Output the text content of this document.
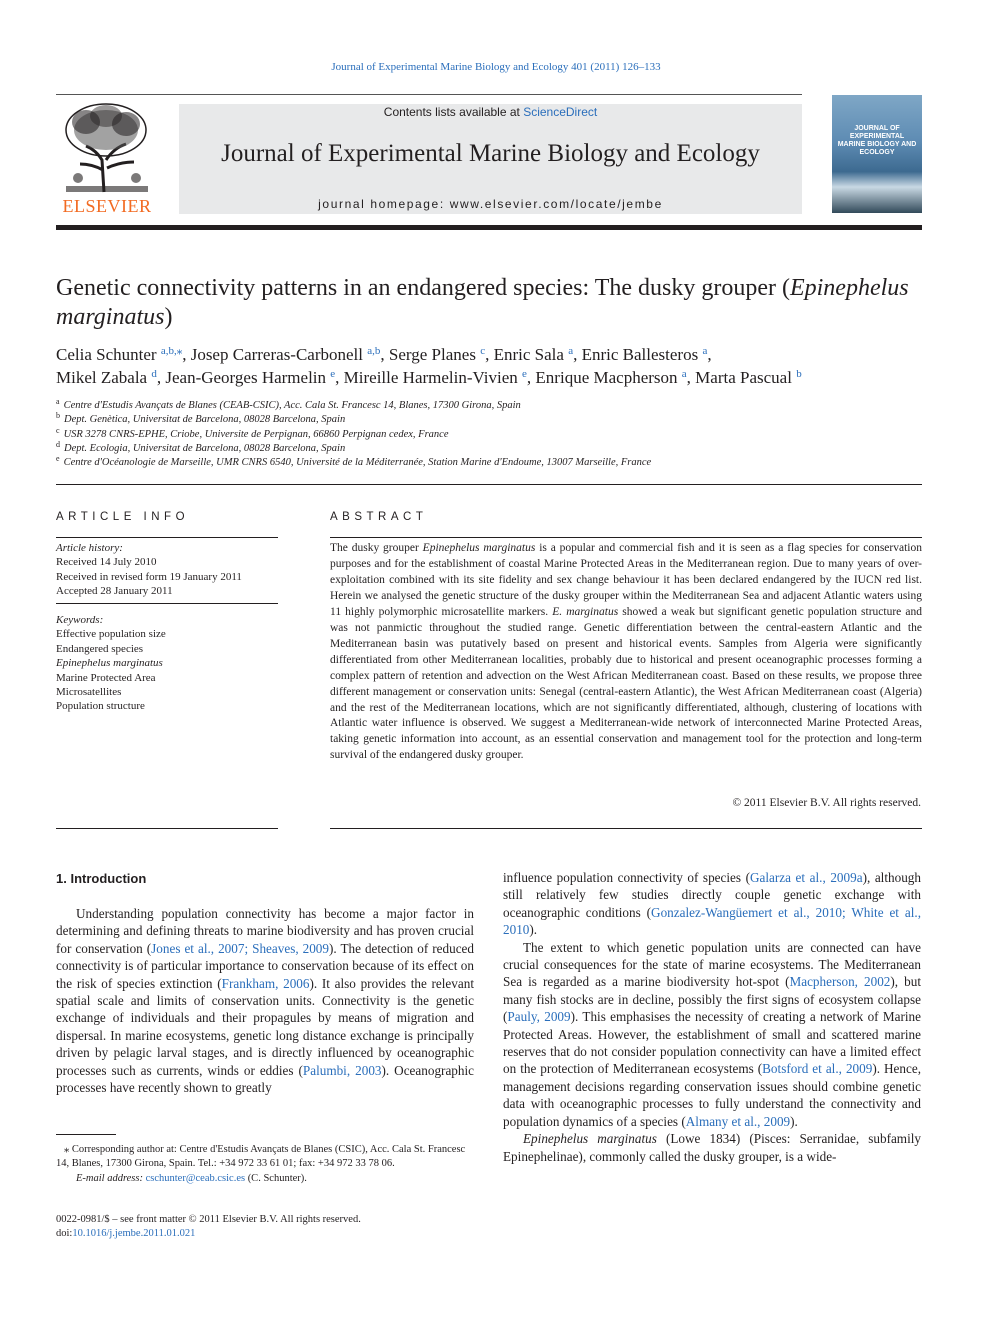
Journal of Experimental Marine Biology and Ecology 401 (2011) 126–133
ELSEVIER
Contents lists available at ScienceDirect
Journal of Experimental Marine Biology and Ecology
journal homepage: www.elsevier.com/locate/jembe
JOURNAL OF EXPERIMENTAL MARINE BIOLOGY AND ECOLOGY
Genetic connectivity patterns in an endangered species: The dusky grouper (Epinephelus marginatus)
Celia Schunter $^{a,b,⁎}$, Josep Carreras-Carbonell $^{a,b}$, Serge Planes $^c$, Enric Sala $^a$, Enric Ballesteros $^a$,
Mikel Zabala $^d$, Jean-Georges Harmelin $^e$, Mireille Harmelin-Vivien $^e$, Enrique Macpherson $^a$, Marta Pascual $^b$
$^a$ Centre d'Estudis Avançats de Blanes (CEAB-CSIC), Acc. Cala St. Francesc 14, Blanes, 17300 Girona, Spain
$^b$ Dept. Genètica, Universitat de Barcelona, 08028 Barcelona, Spain
$^c$ USR 3278 CNRS-EPHE, Criobe, Universite de Perpignan, 66860 Perpignan cedex, France
$^d$ Dept. Ecologia, Universitat de Barcelona, 08028 Barcelona, Spain
$^e$ Centre d'Océanologie de Marseille, UMR CNRS 6540, Université de la Méditerranée, Station Marine d'Endoume, 13007 Marseille, France
ARTICLE INFO
Article history:
Received 14 July 2010
Received in revised form 19 January 2011
Accepted 28 January 2011
Keywords:
Effective population size
Endangered species
Epinephelus marginatus
Marine Protected Area
Microsatellites
Population structure
ABSTRACT
The dusky grouper Epinephelus marginatus is a popular and commercial fish and it is seen as a flag species for conservation purposes and for the establishment of coastal Marine Protected Areas in the Mediterranean region. Due to many years of over-exploitation combined with its site fidelity and sex change behaviour it has been declared endangered by the IUCN red list. Herein we analysed the genetic structure of the dusky grouper within the Mediterranean Sea and adjacent Atlantic waters using 11 highly polymorphic microsatellite markers. E. marginatus showed a weak but significant genetic population structure and was not panmictic throughout the studied range. Genetic differentiation between the central-eastern Atlantic and the Mediterranean basin was putatively based on present and historical events. Samples from Algeria were significantly differentiated from other Mediterranean localities, probably due to historical and present oceanographic processes forming a complex pattern of retention and advection on the West African Mediterranean coast. Based on these results, we propose three different management or conservation units: Senegal (central-eastern Atlantic), the West African Mediterranean coast (Algeria) and the rest of the Mediterranean locations, which are not significantly differentiated, although, clustering of locations with Atlantic water influence is observed. We suggest a Mediterranean-wide network of interconnected Marine Protected Areas, taking genetic information into account, as an essential conservation and management tool for the protection and long-term survival of the endangered dusky grouper.
© 2011 Elsevier B.V. All rights reserved.
1. Introduction

Understanding population connectivity has become a major factor in determining and defining threats to marine biodiversity and has proven crucial for conservation (Jones et al., 2007; Sheaves, 2009). The detection of reduced connectivity is of particular importance to conservation because of its effect on the risk of species extinction (Frankham, 2006). It also provides the relevant spatial scale and limits of conservation units. Connectivity is the genetic exchange of individuals and their propagules by means of migration and dispersal. In marine ecosystems, genetic long distance exchange is principally driven by pelagic larval stages, and is directly influenced by oceanographic processes such as currents, winds or eddies (Palumbi, 2003). Oceanographic processes have recently shown to greatly

influence population connectivity of species (Galarza et al., 2009a), although still relatively few studies directly couple genetic exchange with oceanographic conditions (Gonzalez-Wangüemert et al., 2010; White et al., 2010).

The extent to which genetic population units are connected can have crucial consequences for the state of marine ecosystems. The Mediterranean Sea is regarded as a marine biodiversity hot-spot (Macpherson, 2002), but many fish stocks are in decline, possibly the first signs of ecosystem collapse (Pauly, 2009). This emphasises the necessity of creating a network of Marine Protected Areas. However, the establishment of small and scattered marine reserves that do not consider population connectivity can have a limited effect on the protection of Mediterranean ecosystems (Botsford et al., 2009). Hence, management decisions regarding conservation issues should combine genetic data with oceanographic processes to fully understand the connectivity and population dynamics of a species (Almany et al., 2009).

Epinephelus marginatus (Lowe 1834) (Pisces: Serranidae, subfamily Epinephelinae), commonly called the dusky grouper, is a wide-

⁎ Corresponding author at: Centre d'Estudis Avançats de Blanes (CSIC), Acc. Cala St. Francesc 14, Blanes, 17300 Girona, Spain. Tel.: +34 972 33 61 01; fax: +34 972 33 78 06.
E-mail address: cschunter@ceab.csic.es (C. Schunter).
0022-0981/$ – see front matter © 2011 Elsevier B.V. All rights reserved.
doi:10.1016/j.jembe.2011.01.021
